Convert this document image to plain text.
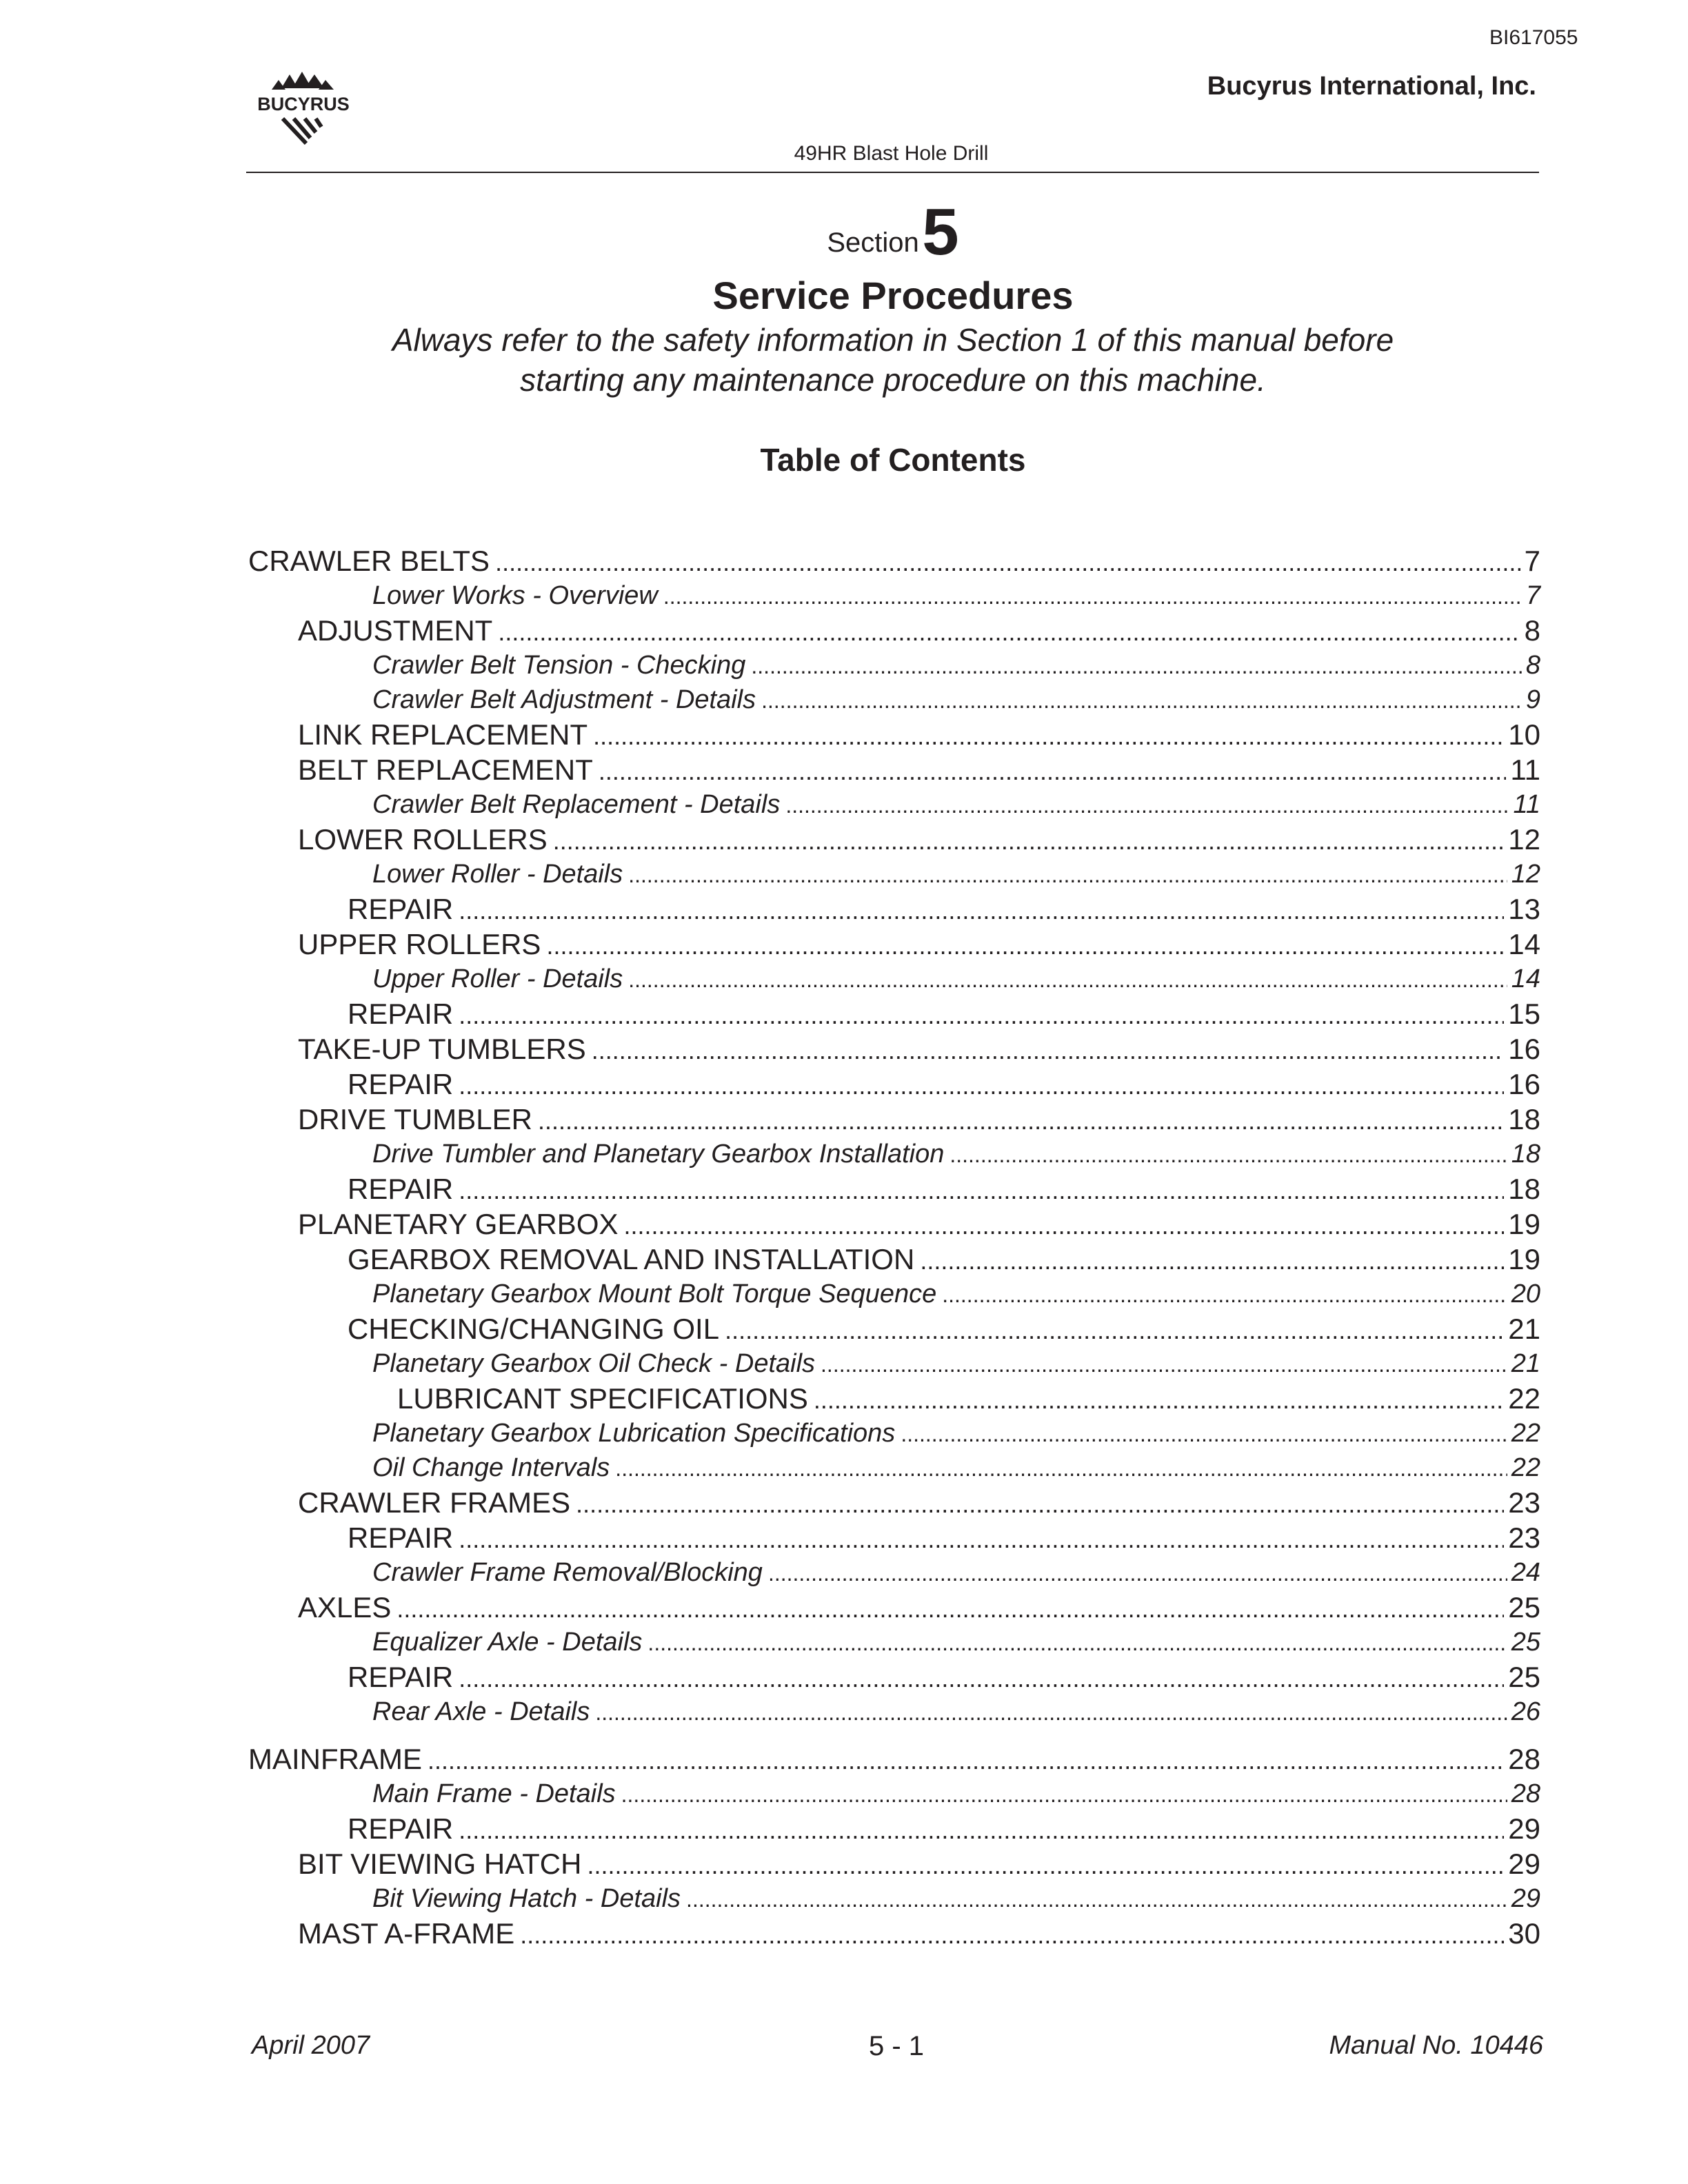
BI617055
BUCYRUS
Bucyrus International, Inc.
49HR Blast Hole Drill
Section 5
Service Procedures
Always refer to the safety information in Section 1 of this manual before
starting any maintenance procedure on this machine.
Table of Contents
CRAWLER BELTS .....	7
Lower Works - Overview .....	7
ADJUSTMENT .....	8
Crawler Belt Tension - Checking .....	8
Crawler Belt Adjustment - Details .....	9
LINK REPLACEMENT .....	10
BELT REPLACEMENT .....	11
Crawler Belt Replacement - Details .....	11
LOWER ROLLERS .....	12
Lower Roller - Details .....	12
REPAIR .....	13
UPPER ROLLERS .....	14
Upper Roller - Details .....	14
REPAIR .....	15
TAKE-UP TUMBLERS .....	16
REPAIR .....	16
DRIVE TUMBLER .....	18
Drive Tumbler and Planetary Gearbox Installation .....	18
REPAIR .....	18
PLANETARY GEARBOX .....	19
GEARBOX REMOVAL AND INSTALLATION .....	19
Planetary Gearbox Mount Bolt Torque Sequence .....	20
CHECKING/CHANGING OIL .....	21
Planetary Gearbox Oil Check - Details .....	21
LUBRICANT SPECIFICATIONS .....	22
Planetary Gearbox Lubrication Specifications .....	22
Oil Change Intervals .....	22
CRAWLER FRAMES .....	23
REPAIR .....	23
Crawler Frame Removal/Blocking .....	24
AXLES .....	25
Equalizer Axle - Details .....	25
REPAIR .....	25
Rear Axle - Details .....	26
MAINFRAME .....	28
Main Frame - Details .....	28
REPAIR .....	29
BIT VIEWING HATCH .....	29
Bit Viewing Hatch - Details .....	29
MAST A-FRAME .....	30
April 2007	5 - 1	Manual No. 10446
